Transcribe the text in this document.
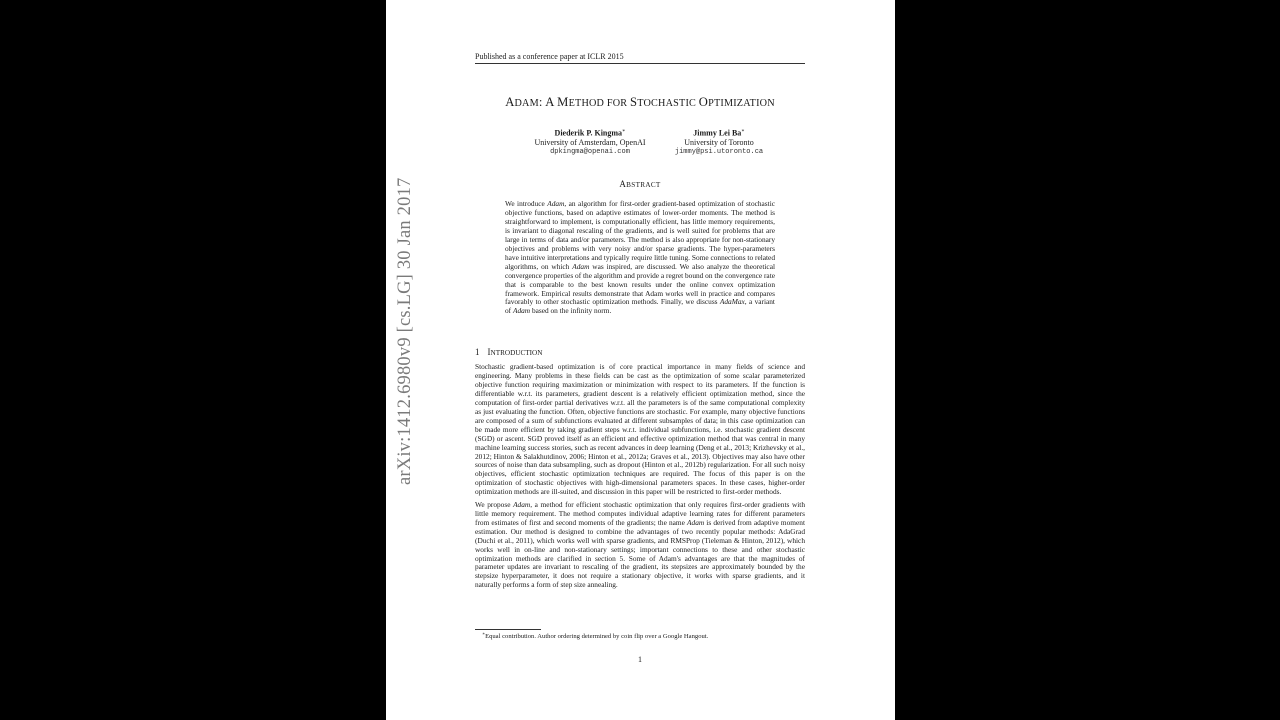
arXiv:1412.6980v9 [cs.LG] 30 Jan 2017
Published as a conference paper at ICLR 2015
ADAM: A METHOD FOR STOCHASTIC OPTIMIZATION
Diederik P. Kingma∗
University of Amsterdam, OpenAI
dpkingma@openai.com
Jimmy Lei Ba∗
University of Toronto
jimmy@psi.utoronto.ca
ABSTRACT
We introduce Adam, an algorithm for first-order gradient-based optimization of stochastic objective functions, based on adaptive estimates of lower-order moments. The method is straightforward to implement, is computationally efficient, has little memory requirements, is invariant to diagonal rescaling of the gradients, and is well suited for problems that are large in terms of data and/or parameters. The method is also appropriate for non-stationary objectives and problems with very noisy and/or sparse gradients. The hyper-parameters have intuitive interpretations and typically require little tuning. Some connections to related algorithms, on which Adam was inspired, are discussed. We also analyze the theoretical convergence properties of the algorithm and provide a regret bound on the convergence rate that is comparable to the best known results under the online convex optimization framework. Empirical results demonstrate that Adam works well in practice and compares favorably to other stochastic optimization methods. Finally, we discuss AdaMax, a variant of Adam based on the infinity norm.
1 INTRODUCTION

Stochastic gradient-based optimization is of core practical importance in many fields of science and engineering. Many problems in these fields can be cast as the optimization of some scalar parameterized objective function requiring maximization or minimization with respect to its parameters. If the function is differentiable w.r.t. its parameters, gradient descent is a relatively efficient optimization method, since the computation of first-order partial derivatives w.r.t. all the parameters is of the same computational complexity as just evaluating the function. Often, objective functions are stochastic. For example, many objective functions are composed of a sum of subfunctions evaluated at different subsamples of data; in this case optimization can be made more efficient by taking gradient steps w.r.t. individual subfunctions, i.e. stochastic gradient descent (SGD) or ascent. SGD proved itself as an efficient and effective optimization method that was central in many machine learning success stories, such as recent advances in deep learning (Deng et al., 2013; Krizhevsky et al., 2012; Hinton & Salakhutdinov, 2006; Hinton et al., 2012a; Graves et al., 2013). Objectives may also have other sources of noise than data subsampling, such as dropout (Hinton et al., 2012b) regularization. For all such noisy objectives, efficient stochastic optimization techniques are required. The focus of this paper is on the optimization of stochastic objectives with high-dimensional parameters spaces. In these cases, higher-order optimization methods are ill-suited, and discussion in this paper will be restricted to first-order methods.

We propose Adam, a method for efficient stochastic optimization that only requires first-order gradients with little memory requirement. The method computes individual adaptive learning rates for different parameters from estimates of first and second moments of the gradients; the name Adam is derived from adaptive moment estimation. Our method is designed to combine the advantages of two recently popular methods: AdaGrad (Duchi et al., 2011), which works well with sparse gradients, and RMSProp (Tieleman & Hinton, 2012), which works well in on-line and non-stationary settings; important connections to these and other stochastic optimization methods are clarified in section 5. Some of Adam's advantages are that the magnitudes of parameter updates are invariant to rescaling of the gradient, its stepsizes are approximately bounded by the stepsize hyperparameter, it does not require a stationary objective, it works with sparse gradients, and it naturally performs a form of step size annealing.

∗Equal contribution. Author ordering determined by coin flip over a Google Hangout.
1
